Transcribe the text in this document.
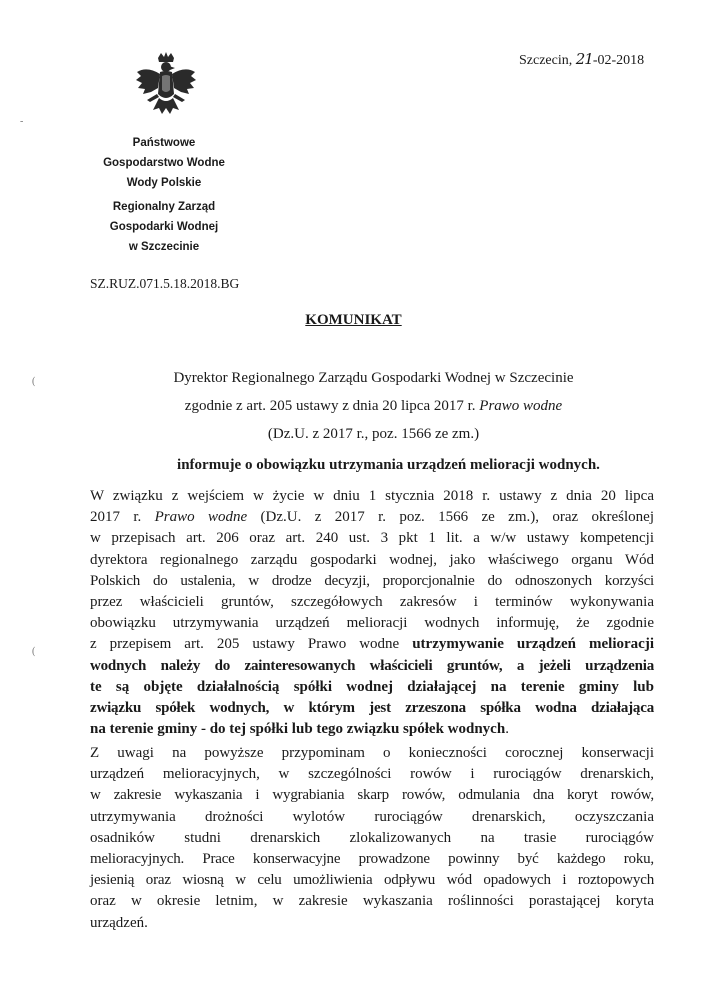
Szczecin, 21-02-2018
Państwowe
Gospodarstwo Wodne
Wody Polskie
Regionalny Zarząd
Gospodarki Wodnej
w Szczecinie
SZ.RUZ.071.5.18.2018.BG
KOMUNIKAT
Dyrektor Regionalnego Zarządu Gospodarki Wodnej w Szczecinie
zgodnie z art. 205 ustawy z dnia 20 lipca 2017 r. Prawo wodne
(Dz.U. z 2017 r., poz. 1566 ze zm.)
informuje o obowiązku utrzymania urządzeń melioracji wodnych.
W związku z wejściem w życie w dniu 1 stycznia 2018 r. ustawy z dnia 20 lipca
2017 r. Prawo wodne (Dz.U. z 2017 r. poz. 1566 ze zm.), oraz określonej
w przepisach art. 206 oraz art. 240 ust. 3 pkt 1 lit. a w/w ustawy kompetencji
dyrektora regionalnego zarządu gospodarki wodnej, jako właściwego organu Wód
Polskich do ustalenia, w drodze decyzji, proporcjonalnie do odnoszonych korzyści
przez właścicieli gruntów, szczegółowych zakresów i terminów wykonywania
obowiązku utrzymywania urządzeń melioracji wodnych informuję, że zgodnie
z przepisem art. 205 ustawy Prawo wodne utrzymywanie urządzeń melioracji
wodnych należy do zainteresowanych właścicieli gruntów, a jeżeli urządzenia
te są objęte działalnością spółki wodnej działającej na terenie gminy lub
związku spółek wodnych, w którym jest zrzeszona spółka wodna działająca
na terenie gminy - do tej spółki lub tego związku spółek wodnych.
Z uwagi na powyższe przypominam o konieczności corocznej konserwacji
urządzeń melioracyjnych, w szczególności rowów i rurociągów drenarskich,
w zakresie wykaszania i wygrabiania skarp rowów, odmulania dna koryt rowów,
utrzymywania drożności wylotów rurociągów drenarskich, oczyszczania
osadników studni drenarskich zlokalizowanych na trasie rurociągów
melioracyjnych. Prace konserwacyjne prowadzone powinny być każdego roku,
jesienią oraz wiosną w celu umożliwienia odpływu wód opadowych i roztopowych
oraz w okresie letnim, w zakresie wykaszania roślinności porastającej koryta
urządzeń.
-
(
(
